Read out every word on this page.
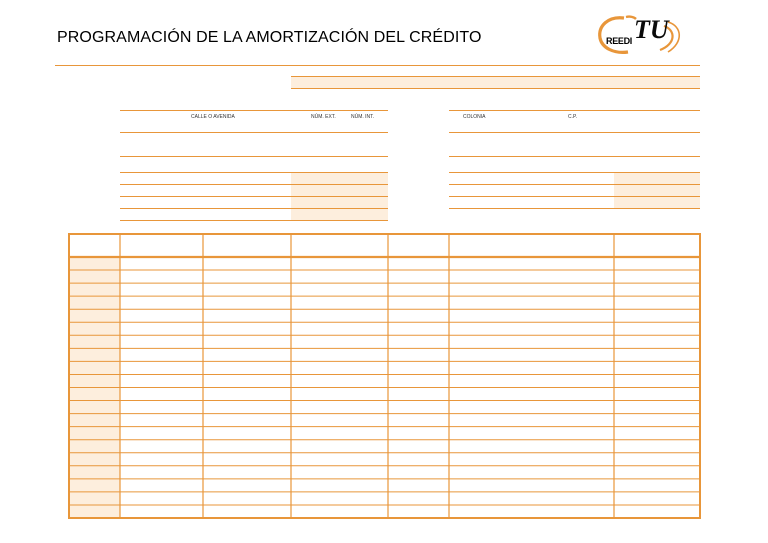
PROGRAMACIÓN DE LA AMORTIZACIÓN DEL CRÉDITO	REEDI TU
CALLE O AVENIDA	NÚM. EXT.	NÚM. INT.	COLONIA	C.P.
